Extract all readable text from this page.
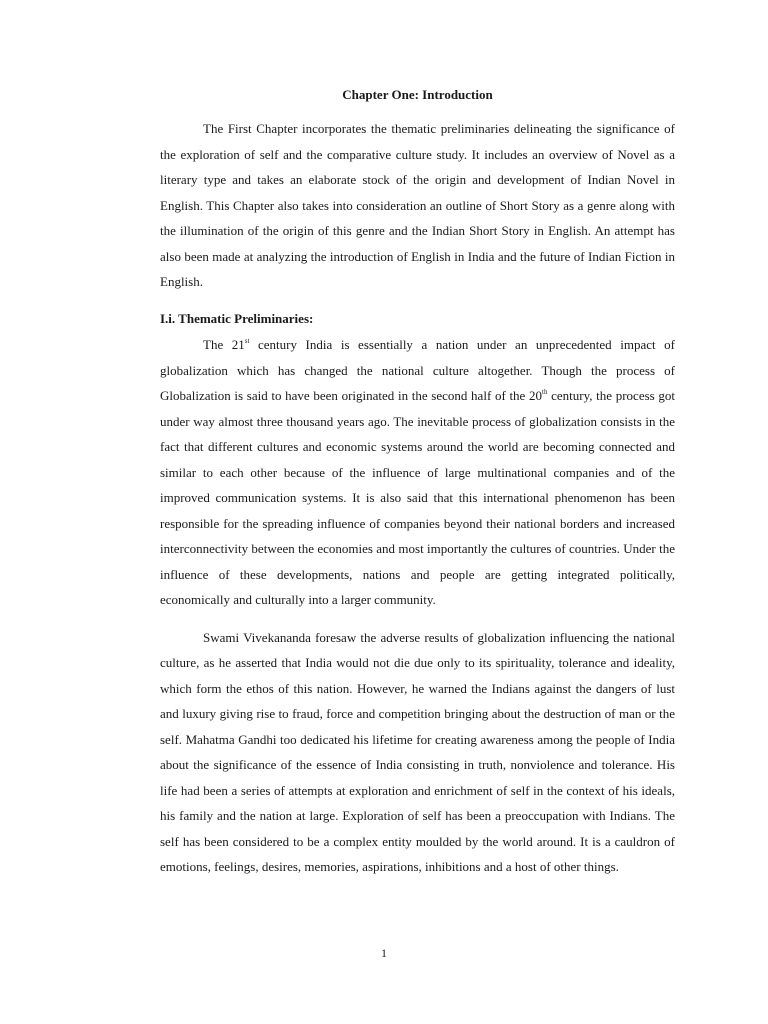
Chapter One: Introduction

The First Chapter incorporates the thematic preliminaries delineating the significance of the exploration of self and the comparative culture study. It includes an overview of Novel as a literary type and takes an elaborate stock of the origin and development of Indian Novel in English. This Chapter also takes into consideration an outline of Short Story as a genre along with the illumination of the origin of this genre and the Indian Short Story in English. An attempt has also been made at analyzing the introduction of English in India and the future of Indian Fiction in English.

I.i. Thematic Preliminaries:

The 21st century India is essentially a nation under an unprecedented impact of globalization which has changed the national culture altogether. Though the process of Globalization is said to have been originated in the second half of the 20th century, the process got under way almost three thousand years ago. The inevitable process of globalization consists in the fact that different cultures and economic systems around the world are becoming connected and similar to each other because of the influence of large multinational companies and of the improved communication systems. It is also said that this international phenomenon has been responsible for the spreading influence of companies beyond their national borders and increased interconnectivity between the economies and most importantly the cultures of countries. Under the influence of these developments, nations and people are getting integrated politically, economically and culturally into a larger community.

Swami Vivekananda foresaw the adverse results of globalization influencing the national culture, as he asserted that India would not die due only to its spirituality, tolerance and ideality, which form the ethos of this nation. However, he warned the Indians against the dangers of lust and luxury giving rise to fraud, force and competition bringing about the destruction of man or the self. Mahatma Gandhi too dedicated his lifetime for creating awareness among the people of India about the significance of the essence of India consisting in truth, nonviolence and tolerance. His life had been a series of attempts at exploration and enrichment of self in the context of his ideals, his family and the nation at large. Exploration of self has been a preoccupation with Indians. The self has been considered to be a complex entity moulded by the world around. It is a cauldron of emotions, feelings, desires, memories, aspirations, inhibitions and a host of other things.

1
